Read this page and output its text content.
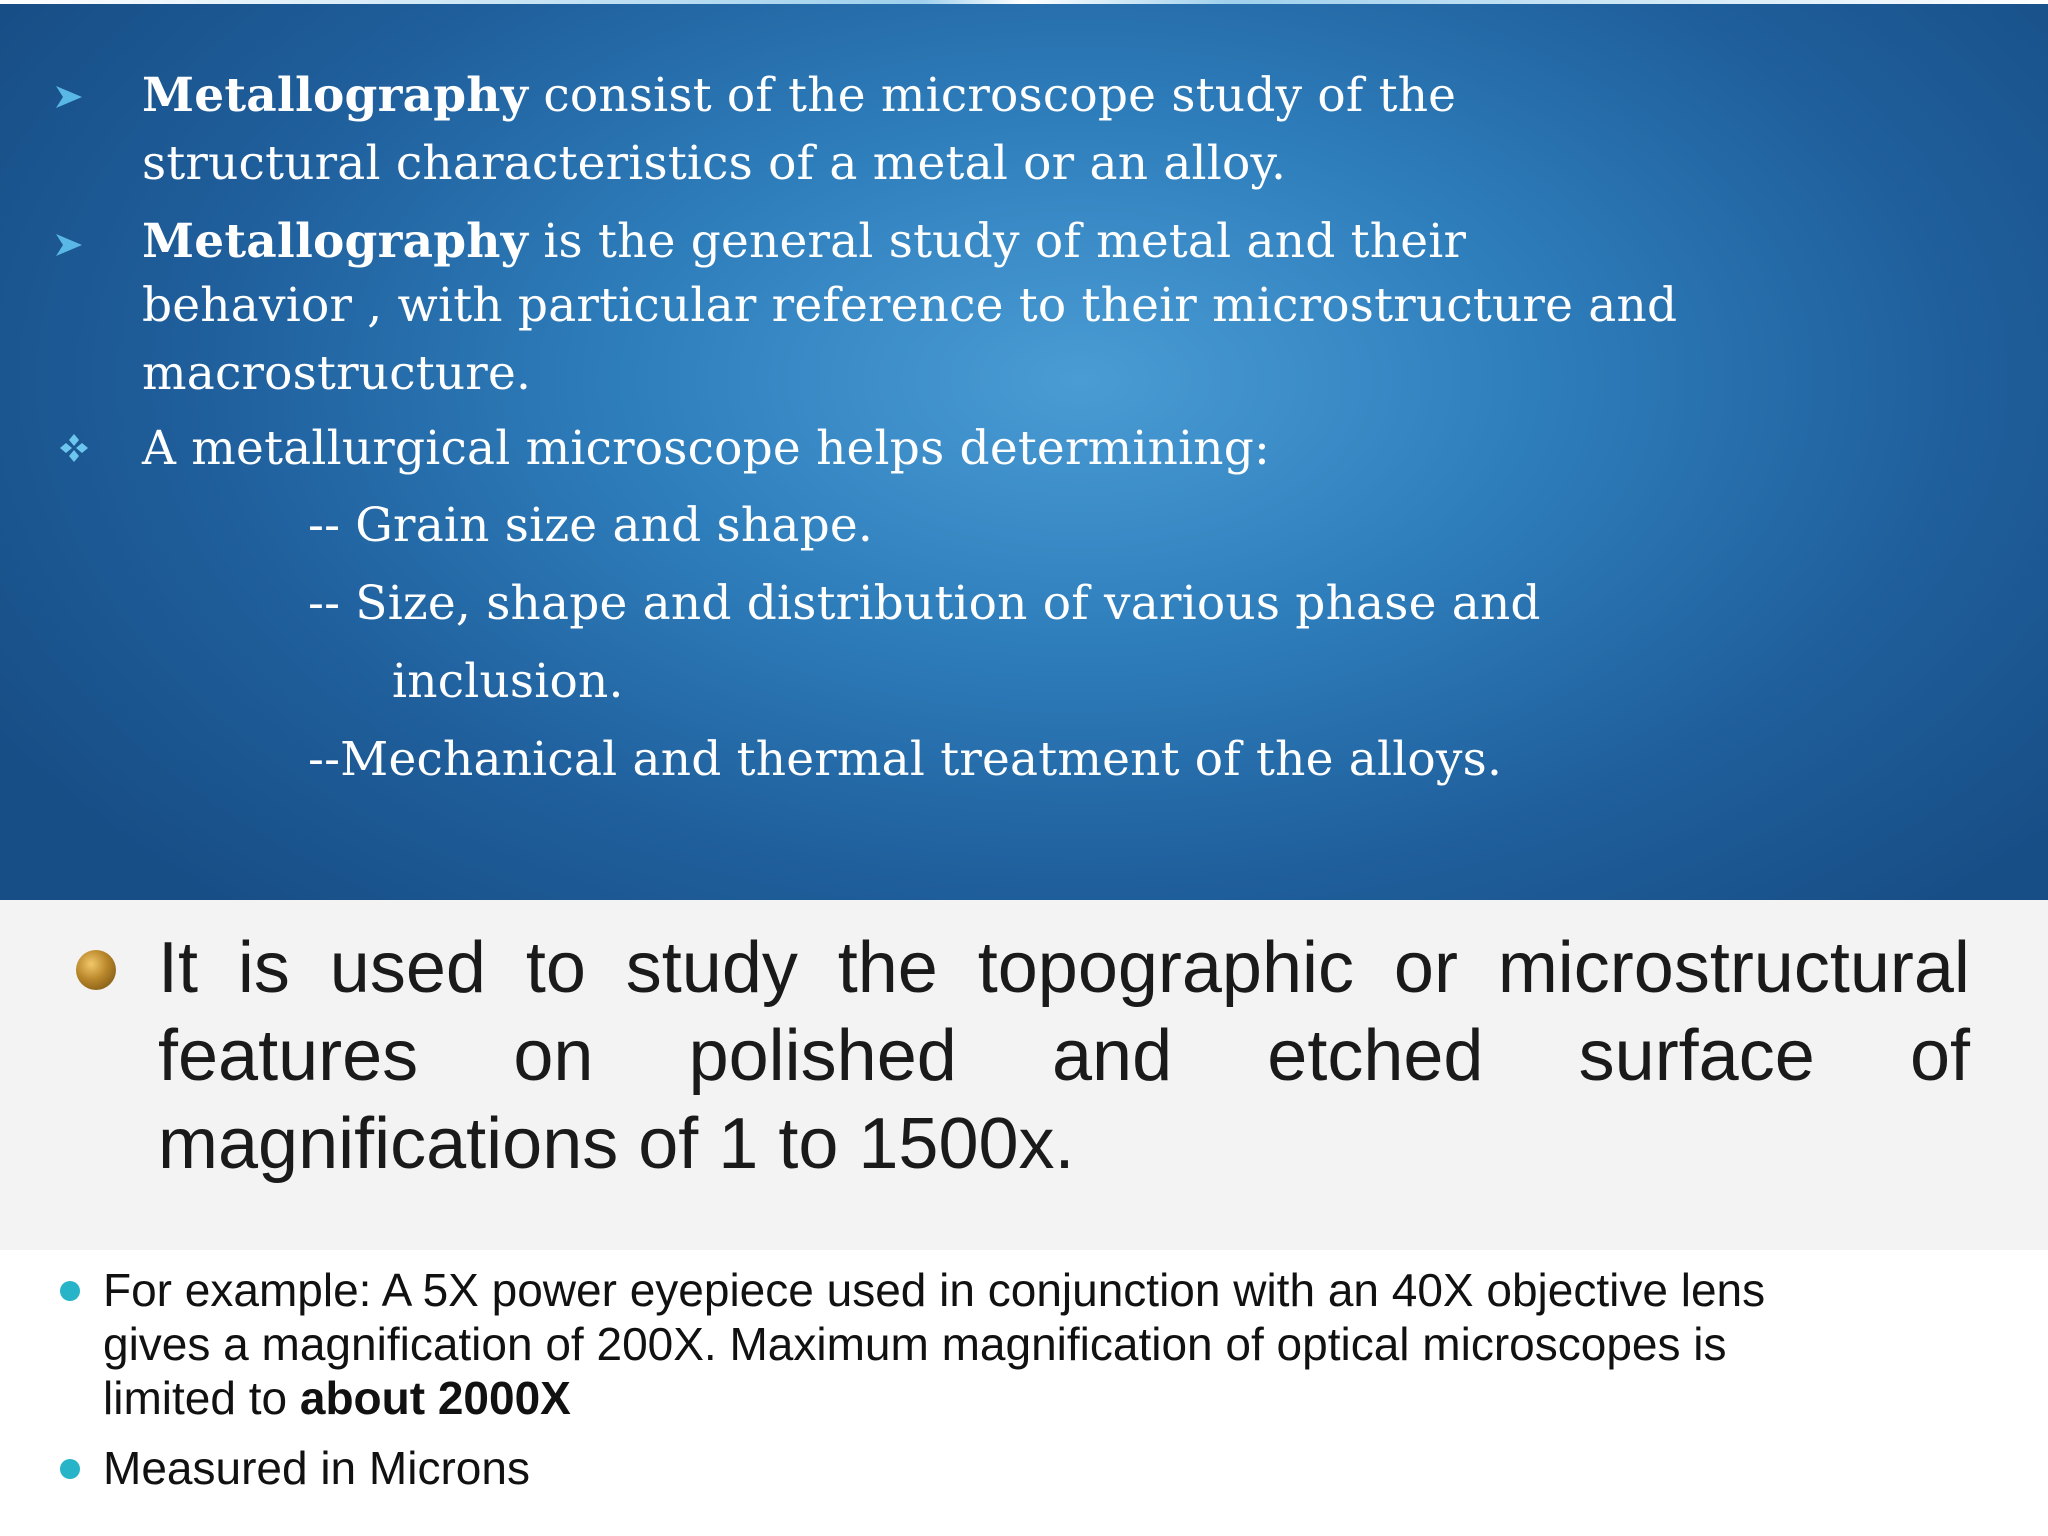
Metallography consist of the microscope study of the
structural characteristics of a metal or an alloy.
Metallography is the general study of metal and their
behavior , with particular reference to their microstructure and
macrostructure.
A metallurgical microscope helps determining:
-- Grain size and shape.
-- Size, shape and distribution of various phase and
inclusion.
--Mechanical and thermal treatment of the alloys.
It is used to study the topographic or microstructural
features on polished and etched surface of
magnifications of 1 to 1500x.
For example: A 5X power eyepiece used in conjunction with an 40X objective lens
gives a magnification of 200X. Maximum magnification of optical microscopes is
limited to about 2000X
Measured in Microns
